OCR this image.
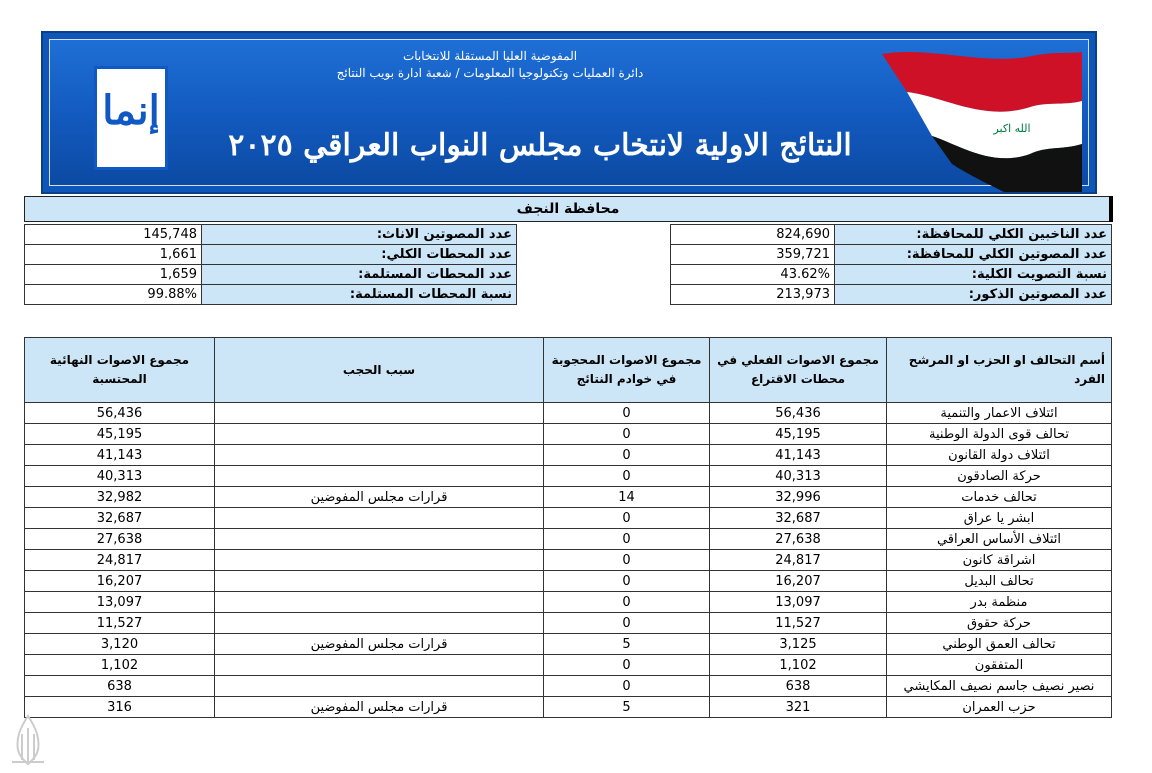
إنما
المفوضية العليا المستقلة للانتخابات
دائرة العمليات وتكنولوجيا المعلومات / شعبة ادارة بويب النتائج
النتائج الاولية لانتخاب مجلس النواب العراقي ٢٠٢٥	الله اكبر
محافظة النجف
145,748	عدد المصوتين الاناث:
1,661	عدد المحطات الكلي:
1,659	عدد المحطات المستلمة:
99.88%	نسبة المحطات المستلمة:
824,690	عدد الناخبين الكلي للمحافظة:
359,721	عدد المصوتين الكلي للمحافظة:
43.62%	نسبة التصويت الكلية:
213,973	عدد المصوتين الذكور:
مجموع الاصوات النهائية المحتسبة	سبب الحجب	مجموع الاصوات المحجوبة في خوادم النتائج	مجموع الاصوات الفعلي في محطات الاقتراع	أسم التحالف او الحزب او المرشح الفرد
56,436		0	56,436	ائتلاف الاعمار والتنمية
45,195		0	45,195	تحالف قوى الدولة الوطنية
41,143		0	41,143	ائتلاف دولة القانون
40,313		0	40,313	حركة الصادقون
32,982	قرارات مجلس المفوضين	14	32,996	تحالف خدمات
32,687		0	32,687	ابشر يا عراق
27,638		0	27,638	ائتلاف الأساس العراقي
24,817		0	24,817	اشراقة كانون
16,207		0	16,207	تحالف البديل
13,097		0	13,097	منظمة بدر
11,527		0	11,527	حركة حقوق
3,120	قرارات مجلس المفوضين	5	3,125	تحالف العمق الوطني
1,102		0	1,102	المتفقون
638		0	638	نصير نصيف جاسم نصيف المكايشي
316	قرارات مجلس المفوضين	5	321	حزب العمران
